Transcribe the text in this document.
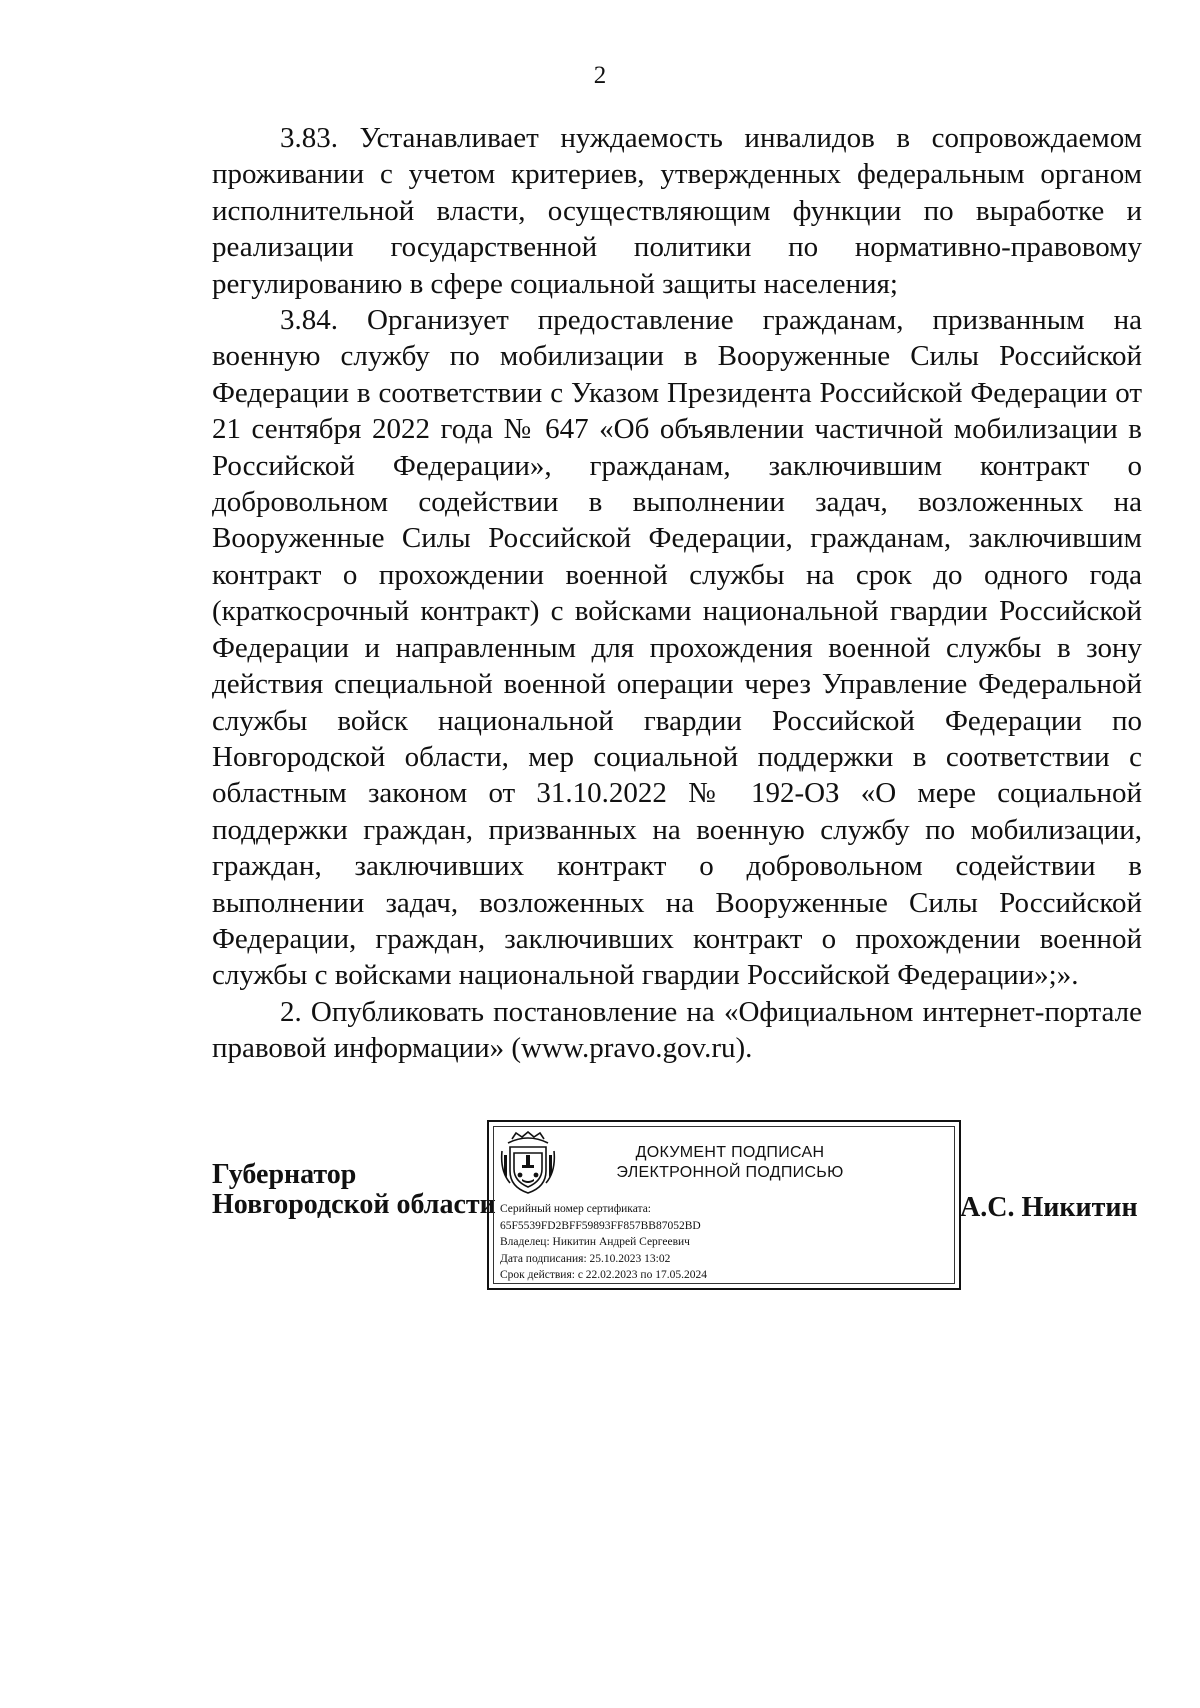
2

3.83. Устанавливает нуждаемость инвалидов в сопровождаемом проживании с учетом критериев, утвержденных федеральным органом исполнительной власти, осуществляющим функции по выработке и реализации государственной политики по нормативно-правовому регулированию в сфере социальной защиты населения;

3.84. Организует предоставление гражданам, призванным на военную службу по мобилизации в Вооруженные Силы Российской Федерации в соответствии с Указом Президента Российской Федерации от 21 сентября 2022 года № 647 «Об объявлении частичной мобилизации в Российской Федерации», гражданам, заключившим контракт о добровольном содействии в выполнении задач, возложенных на Вооруженные Силы Российской Федерации, гражданам, заключившим контракт о прохождении военной службы на срок до одного года (краткосрочный контракт) с войсками национальной гвардии Российской Федерации и направленным для прохождения военной службы в зону действия специальной военной операции через Управление Федеральной службы войск национальной гвардии Российской Федерации по Новгородской области, мер социальной поддержки в соответствии с областным законом от 31.10.2022 № 192-ОЗ «О мере социальной поддержки граждан, призванных на военную службу по мобилизации, граждан, заключивших контракт о добровольном содействии в выполнении задач, возложенных на Вооруженные Силы Российской Федерации, граждан, заключивших контракт о прохождении военной службы с войсками национальной гвардии Российской Федерации»;».

2. Опубликовать постановление на «Официальном интернет-портале правовой информации» (www.pravo.gov.ru).

Губернатор
Новгородской области
ДОКУМЕНТ ПОДПИСАН
ЭЛЕКТРОННОЙ ПОДПИСЬЮ
Серийный номер сертификата:
65F5539FD2BFF59893FF857BB87052BD
Владелец: Никитин Андрей Сергеевич
Дата подписания: 25.10.2023 13:02
Срок действия: с 22.02.2023 по 17.05.2024
А.С. Никитин
